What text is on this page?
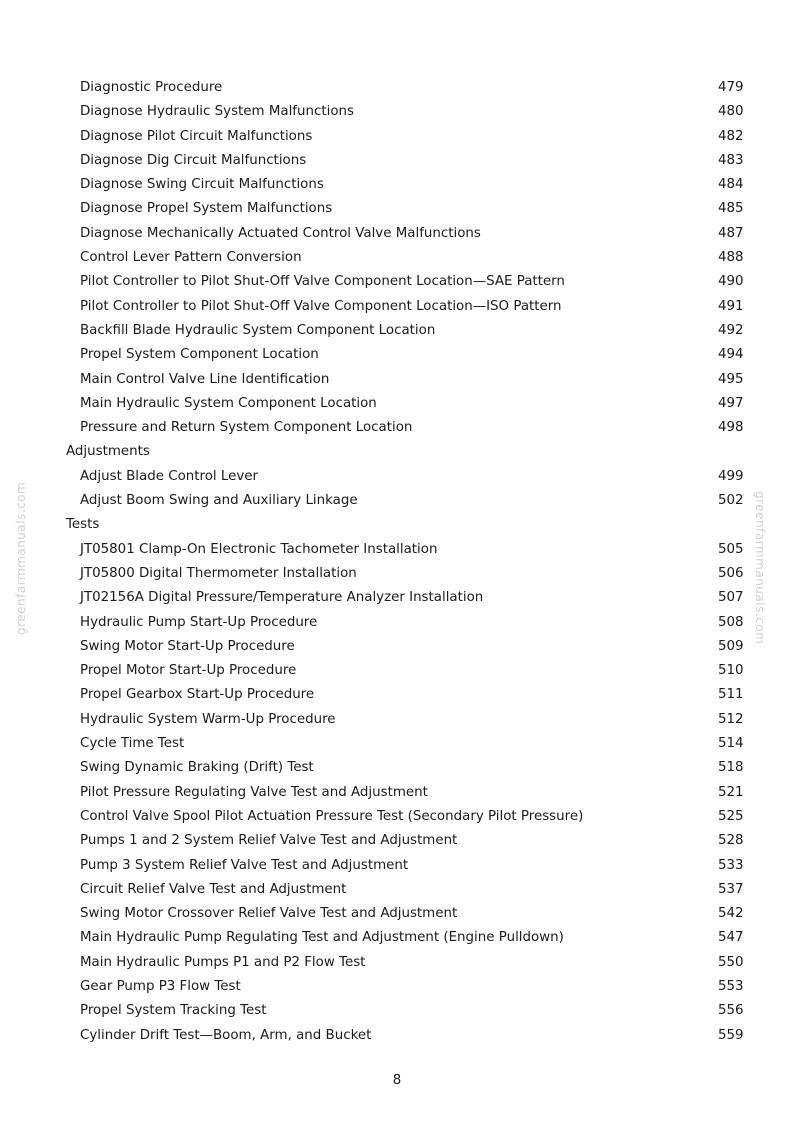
greenfarmmanuals.com	greenfarmmanuals.com
Diagnostic Procedure	479
Diagnose Hydraulic System Malfunctions	480
Diagnose Pilot Circuit Malfunctions	482
Diagnose Dig Circuit Malfunctions	483
Diagnose Swing Circuit Malfunctions	484
Diagnose Propel System Malfunctions	485
Diagnose Mechanically Actuated Control Valve Malfunctions	487
Control Lever Pattern Conversion	488
Pilot Controller to Pilot Shut-Off Valve Component Location—SAE Pattern	490
Pilot Controller to Pilot Shut-Off Valve Component Location—ISO Pattern	491
Backfill Blade Hydraulic System Component Location	492
Propel System Component Location	494
Main Control Valve Line Identification	495
Main Hydraulic System Component Location	497
Pressure and Return System Component Location	498
Adjustments
Adjust Blade Control Lever	499
Adjust Boom Swing and Auxiliary Linkage	502
Tests
JT05801 Clamp-On Electronic Tachometer Installation	505
JT05800 Digital Thermometer Installation	506
JT02156A Digital Pressure/Temperature Analyzer Installation	507
Hydraulic Pump Start-Up Procedure	508
Swing Motor Start-Up Procedure	509
Propel Motor Start-Up Procedure	510
Propel Gearbox Start-Up Procedure	511
Hydraulic System Warm-Up Procedure	512
Cycle Time Test	514
Swing Dynamic Braking (Drift) Test	518
Pilot Pressure Regulating Valve Test and Adjustment	521
Control Valve Spool Pilot Actuation Pressure Test (Secondary Pilot Pressure)	525
Pumps 1 and 2 System Relief Valve Test and Adjustment	528
Pump 3 System Relief Valve Test and Adjustment	533
Circuit Relief Valve Test and Adjustment	537
Swing Motor Crossover Relief Valve Test and Adjustment	542
Main Hydraulic Pump Regulating Test and Adjustment (Engine Pulldown)	547
Main Hydraulic Pumps P1 and P2 Flow Test	550
Gear Pump P3 Flow Test	553
Propel System Tracking Test	556
Cylinder Drift Test—Boom, Arm, and Bucket	559
8
